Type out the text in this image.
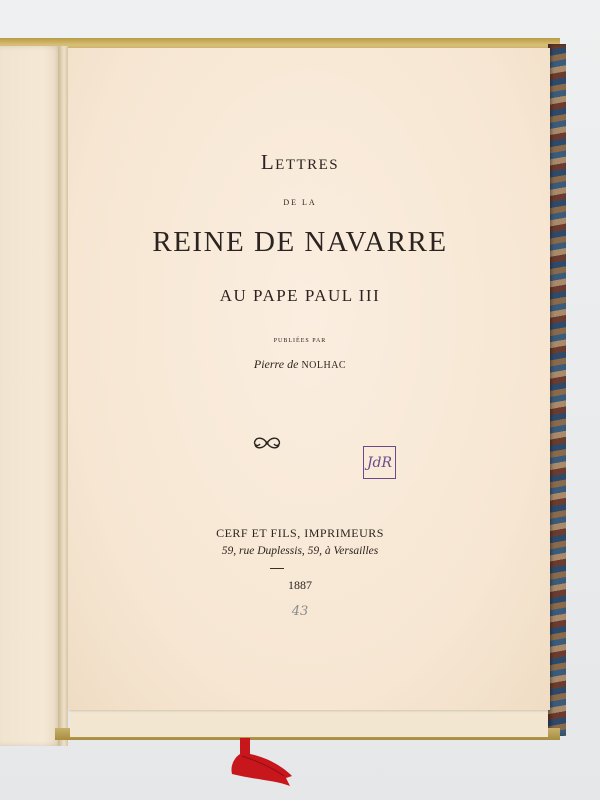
Lettres
DE LA
REINE DE NAVARRE
AU PAPE PAUL III
PUBLIÉES PAR
Pierre de NOLHAC
JdR
CERF ET FILS, IMPRIMEURS
59, rue Duplessis, 59, à Versailles
1887
43
